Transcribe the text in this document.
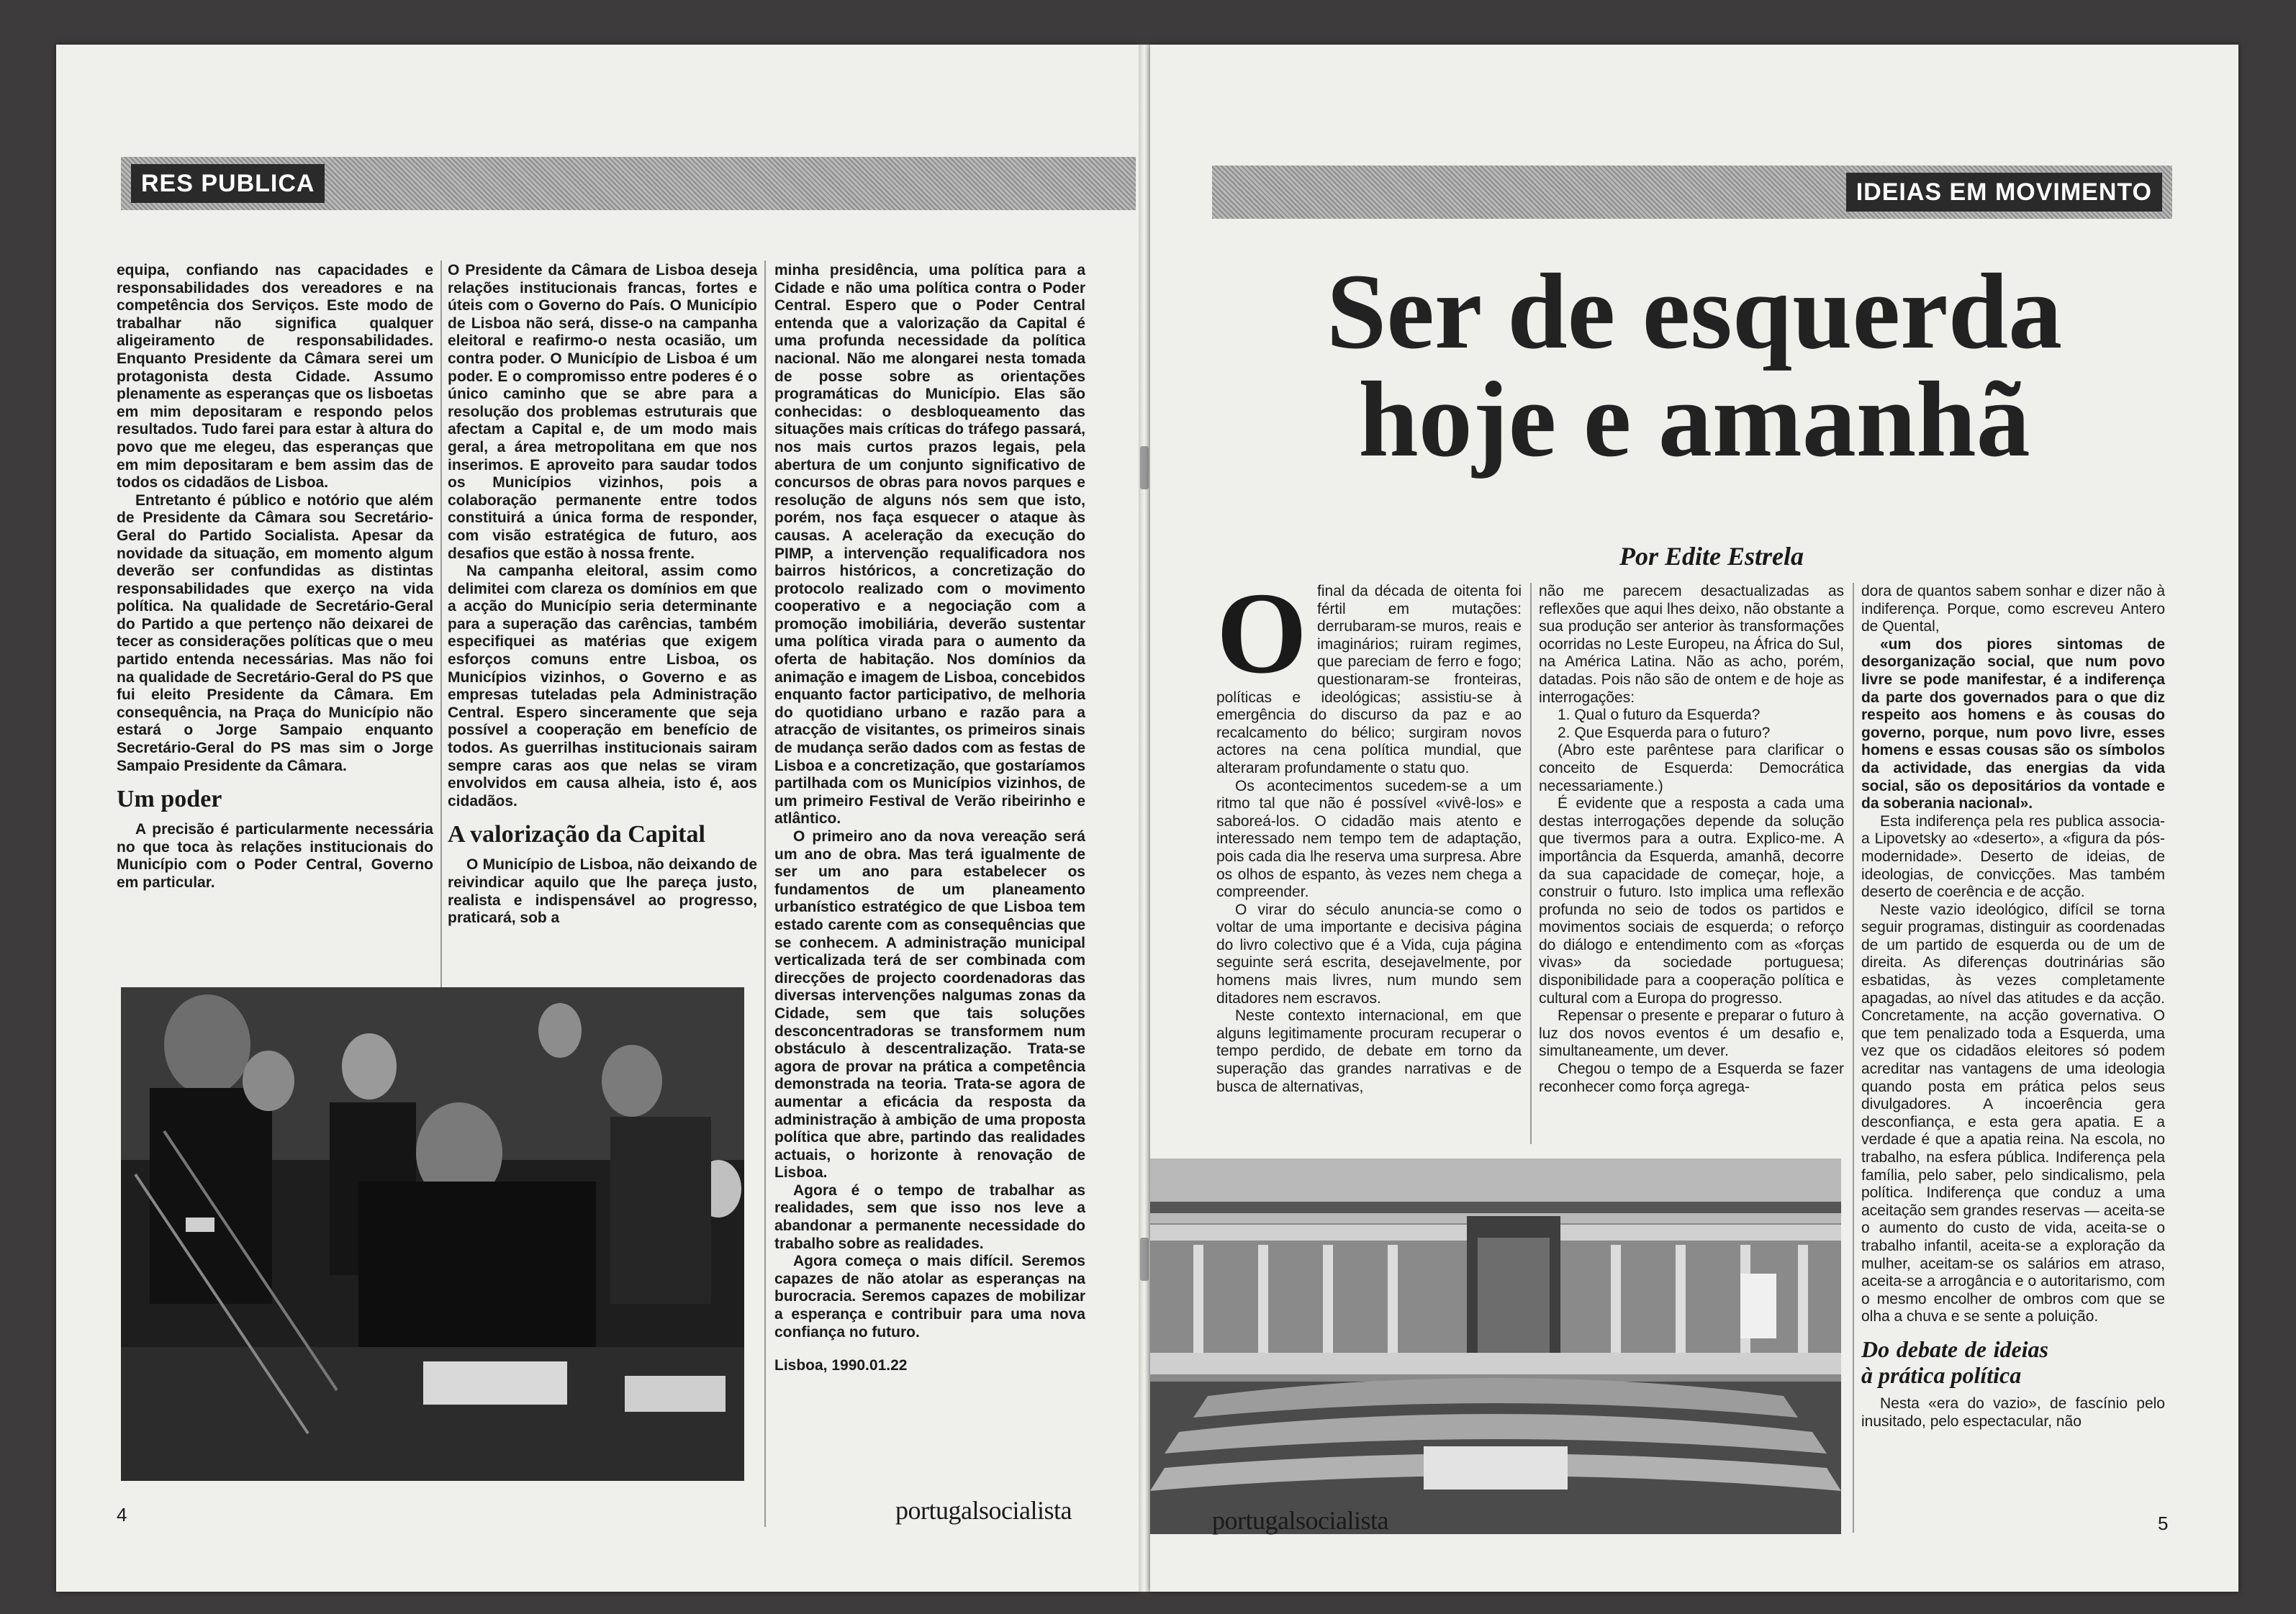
RES PUBLICA

equipa, confiando nas capacidades e responsabilidades dos vereadores e na competência dos Serviços. Este modo de trabalhar não significa qualquer aligeiramento de responsabilidades. Enquanto Presidente da Câmara serei um protagonista desta Cidade. Assumo plenamente as esperanças que os lisboetas em mim depositaram e respondo pelos resultados. Tudo farei para estar à altura do povo que me elegeu, das esperanças que em mim depositaram e bem assim das de todos os cidadãos de Lisboa.

Entretanto é público e notório que além de Presidente da Câmara sou Secretário-Geral do Partido Socialista. Apesar da novidade da situação, em momento algum deverão ser confundidas as distintas responsabilidades que exerço na vida política. Na qualidade de Secretário-Geral do Partido a que pertenço não deixarei de tecer as considerações políticas que o meu partido entenda necessárias. Mas não foi na qualidade de Secretário-Geral do PS que fui eleito Presidente da Câmara. Em consequência, na Praça do Município não estará o Jorge Sampaio enquanto Secretário-Geral do PS mas sim o Jorge Sampaio Presidente da Câmara.

Um poder

A precisão é particularmente necessária no que toca às relações institucionais do Município com o Poder Central, Governo em particular.

O Presidente da Câmara de Lisboa deseja relações institucionais francas, fortes e úteis com o Governo do País. O Município de Lisboa não será, disse-o na campanha eleitoral e reafirmo-o nesta ocasião, um contra poder. O Município de Lisboa é um poder. E o compromisso entre poderes é o único caminho que se abre para a resolução dos problemas estruturais que afectam a Capital e, de um modo mais geral, a área metropolitana em que nos inserimos. E aproveito para saudar todos os Municípios vizinhos, pois a colaboração permanente entre todos constituirá a única forma de responder, com visão estratégica de futuro, aos desafios que estão à nossa frente.

Na campanha eleitoral, assim como delimitei com clareza os domínios em que a acção do Município seria determinante para a superação das carências, também especifiquei as matérias que exigem esforços comuns entre Lisboa, os Municípios vizinhos, o Governo e as empresas tuteladas pela Administração Central. Espero sinceramente que seja possível a cooperação em benefício de todos. As guerrilhas institucionais sairam sempre caras aos que nelas se viram envolvidos em causa alheia, isto é, aos cidadãos.

A valorização da Capital

O Município de Lisboa, não deixando de reivindicar aquilo que lhe pareça justo, realista e indispensável ao progresso, praticará, sob a

minha presidência, uma política para a Cidade e não uma política contra o Poder Central. Espero que o Poder Central entenda que a valorização da Capital é uma profunda necessidade da política nacional. Não me alongarei nesta tomada de posse sobre as orientações programáticas do Município. Elas são conhecidas: o desbloqueamento das situações mais críticas do tráfego passará, nos mais curtos prazos legais, pela abertura de um conjunto significativo de concursos de obras para novos parques e resolução de alguns nós sem que isto, porém, nos faça esquecer o ataque às causas. A aceleração da execução do PIMP, a intervenção requalificadora nos bairros históricos, a concretização do protocolo realizado com o movimento cooperativo e a negociação com a promoção imobiliária, deverão sustentar uma política virada para o aumento da oferta de habitação. Nos domínios da animação e imagem de Lisboa, concebidos enquanto factor participativo, de melhoria do quotidiano urbano e razão para a atracção de visitantes, os primeiros sinais de mudança serão dados com as festas de Lisboa e a concretização, que gostaríamos partilhada com os Municípios vizinhos, de um primeiro Festival de Verão ribeirinho e atlântico.

O primeiro ano da nova vereação será um ano de obra. Mas terá igualmente de ser um ano para estabelecer os fundamentos de um planeamento urbanístico estratégico de que Lisboa tem estado carente com as consequências que se conhecem. A administração municipal verticalizada terá de ser combinada com direcções de projecto coordenadoras das diversas intervenções nalgumas zonas da Cidade, sem que tais soluções desconcentradoras se transformem num obstáculo à descentralização. Trata-se agora de provar na prática a competência demonstrada na teoria. Trata-se agora de aumentar a eficácia da resposta da administração à ambição de uma proposta política que abre, partindo das realidades actuais, o horizonte à renovação de Lisboa.

Agora é o tempo de trabalhar as realidades, sem que isso nos leve a abandonar a permanente necessidade do trabalho sobre as realidades.

Agora começa o mais difícil. Seremos capazes de não atolar as esperanças na burocracia. Seremos capazes de mobilizar a esperança e contribuir para uma nova confiança no futuro.

Lisboa, 1990.01.22

4	portugalsocialista
IDEIAS EM MOVIMENTO
Ser de esquerda
hoje e amanhã
Por Edite Estrela
O final da década de oitenta foi fértil em mutações: derrubaram-se muros, reais e imaginários; ruiram regimes, que pareciam de ferro e fogo; questionaram-se fronteiras, políticas e ideológicas; assistiu-se à emergência do discurso da paz e ao recalcamento do bélico; surgiram novos actores na cena política mundial, que alteraram profundamente o statu quo.

Os acontecimentos sucedem-se a um ritmo tal que não é possível «vivê-los» e saboreá-los. O cidadão mais atento e interessado nem tempo tem de adaptação, pois cada dia lhe reserva uma surpresa. Abre os olhos de espanto, às vezes nem chega a compreender.

O virar do século anuncia-se como o voltar de uma importante e decisiva página do livro colectivo que é a Vida, cuja página seguinte será escrita, desejavelmente, por homens mais livres, num mundo sem ditadores nem escravos.

Neste contexto internacional, em que alguns legitimamente procuram recuperar o tempo perdido, de debate em torno da superação das grandes narrativas e de busca de alternativas,

não me parecem desactualizadas as reflexões que aqui lhes deixo, não obstante a sua produção ser anterior às transformações ocorridas no Leste Europeu, na África do Sul, na América Latina. Não as acho, porém, datadas. Pois não são de ontem e de hoje as interrogações:

1. Qual o futuro da Esquerda?

2. Que Esquerda para o futuro?

(Abro este parêntese para clarificar o conceito de Esquerda: Democrática necessariamente.)

É evidente que a resposta a cada uma destas interrogações depende da solução que tivermos para a outra. Explico-me. A importância da Esquerda, amanhã, decorre da sua capacidade de começar, hoje, a construir o futuro. Isto implica uma reflexão profunda no seio de todos os partidos e movimentos sociais de esquerda; o reforço do diálogo e entendimento com as «forças vivas» da sociedade portuguesa; disponibilidade para a cooperação política e cultural com a Europa do progresso.

Repensar o presente e preparar o futuro à luz dos novos eventos é um desafio e, simultaneamente, um dever.

Chegou o tempo de a Esquerda se fazer reconhecer como força agrega-

dora de quantos sabem sonhar e dizer não à indiferença. Porque, como escreveu Antero de Quental,

«um dos piores sintomas de desorganização social, que num povo livre se pode manifestar, é a indiferença da parte dos governados para o que diz respeito aos homens e às cousas do governo, porque, num povo livre, esses homens e essas cousas são os símbolos da actividade, das energias da vida social, são os depositários da vontade e da soberania nacional».

Esta indiferença pela res publica associa-a Lipovetsky ao «deserto», a «figura da pós-modernidade». Deserto de ideias, de ideologias, de convicções. Mas também deserto de coerência e de acção.

Neste vazio ideológico, difícil se torna seguir programas, distinguir as coordenadas de um partido de esquerda ou de um de direita. As diferenças doutrinárias são esbatidas, às vezes completamente apagadas, ao nível das atitudes e da acção. Concretamente, na acção governativa. O que tem penalizado toda a Esquerda, uma vez que os cidadãos eleitores só podem acreditar nas vantagens de uma ideologia quando posta em prática pelos seus divulgadores. A incoerência gera desconfiança, e esta gera apatia. E a verdade é que a apatia reina. Na escola, no trabalho, na esfera pública. Indiferença pela família, pelo saber, pelo sindicalismo, pela política. Indiferença que conduz a uma aceitação sem grandes reservas — aceita-se o aumento do custo de vida, aceita-se o trabalho infantil, aceita-se a exploração da mulher, aceitam-se os salários em atraso, aceita-se a arrogância e o autoritarismo, com o mesmo encolher de ombros com que se olha a chuva e se sente a poluição.

Do debate de ideias à prática política

Nesta «era do vazio», de fascínio pelo inusitado, pelo espectacular, não

portugalsocialista	5
